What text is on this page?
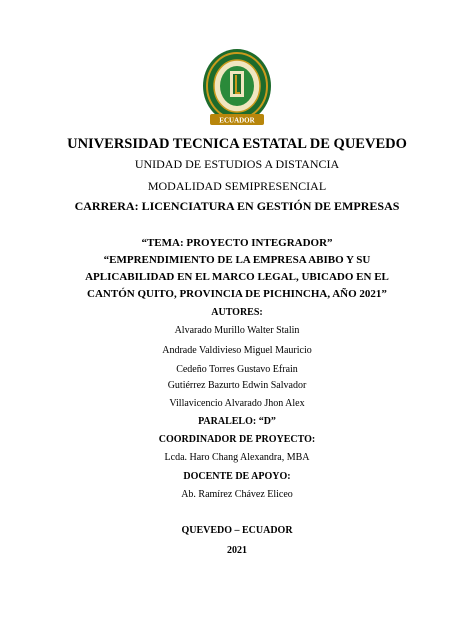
ECUADOR
UNIVERSIDAD TECNICA ESTATAL DE QUEVEDO
UNIDAD DE ESTUDIOS A DISTANCIA
MODALIDAD SEMIPRESENCIAL
CARRERA: LICENCIATURA EN GESTIÓN DE EMPRESAS
“TEMA: PROYECTO INTEGRADOR”
“EMPRENDIMIENTO DE LA EMPRESA ABIBO Y SU
APLICABILIDAD EN EL MARCO LEGAL, UBICADO EN EL
CANTÓN QUITO, PROVINCIA DE PICHINCHA, AÑO 2021”
AUTORES:
Alvarado Murillo Walter Stalin
Andrade Valdivieso Miguel Mauricio
Cedeño Torres Gustavo Efrain
Gutiérrez Bazurto Edwin Salvador
Villavicencio Alvarado Jhon Alex
PARALELO: “D”
COORDINADOR DE PROYECTO:
Lcda. Haro Chang Alexandra, MBA
DOCENTE DE APOYO:
Ab. Ramírez Chávez Eliceo
QUEVEDO – ECUADOR
2021
